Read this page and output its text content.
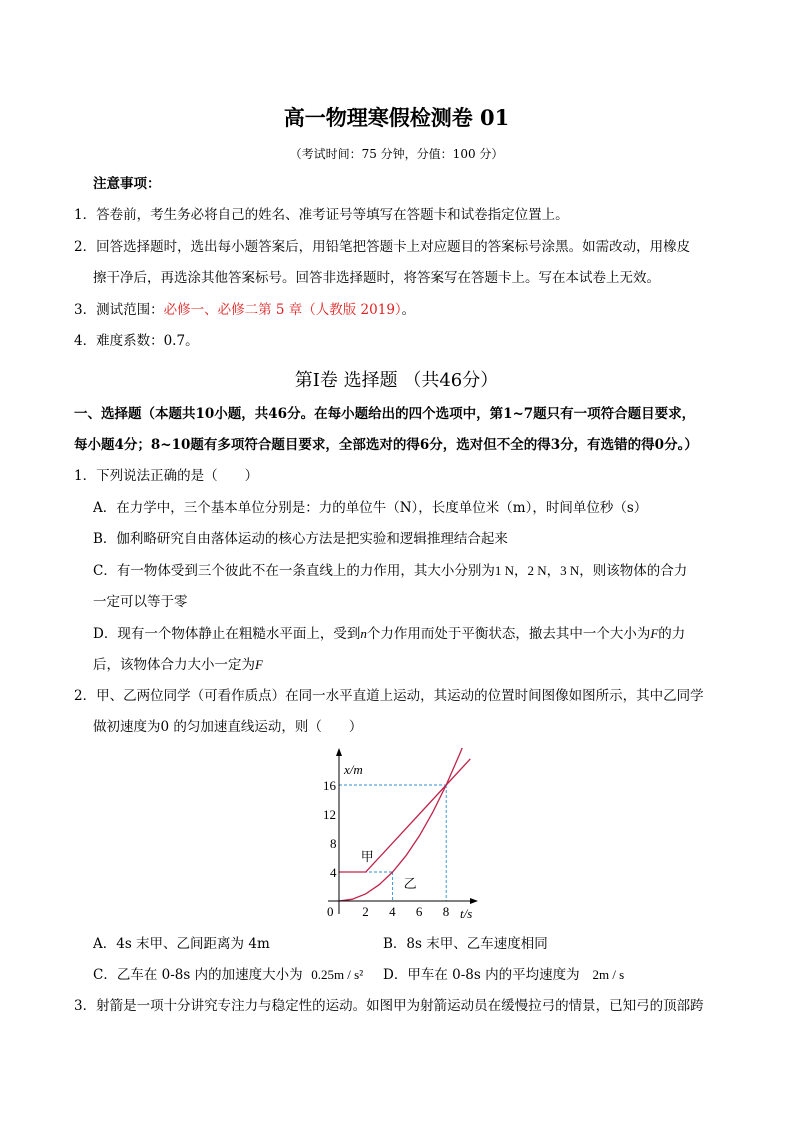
高一物理寒假检测卷 01
（考试时间：75 分钟，分值：100 分）
注意事项：
1．答卷前，考生务必将自己的姓名、准考证号等填写在答题卡和试卷指定位置上。
2．回答选择题时，选出每小题答案后，用铅笔把答题卡上对应题目的答案标号涂黑。如需改动，用橡皮
擦干净后，再选涂其他答案标号。回答非选择题时，将答案写在答题卡上。写在本试卷上无效。
3．测试范围：必修一、必修二第 5 章（人教版 2019）。
4．难度系数：0.7。
第Ⅰ卷 选择题 （共46分）
一、选择题（本题共10小题，共46分。在每小题给出的四个选项中，第1~7题只有一项符合题目要求，
每小题4分；8~10题有多项符合题目要求，全部选对的得6分，选对但不全的得3分，有选错的得0分。）
1．下列说法正确的是（　　）
A．在力学中，三个基本单位分别是：力的单位牛（N），长度单位米（m），时间单位秒（s）
B．伽利略研究自由落体运动的核心方法是把实验和逻辑推理结合起来
C．有一物体受到三个彼此不在一条直线上的力作用，其大小分别为1 N，2 N，3 N，则该物体的合力
一定可以等于零
D．现有一个物体静止在粗糙水平面上，受到n个力作用而处于平衡状态，撤去其中一个大小为F的力
后，该物体合力大小一定为F
2．甲、乙两位同学（可看作质点）在同一水平直道上运动，其运动的位置时间图像如图所示，其中乙同学
做初速度为0 的匀加速直线运动，则（　　）
0 2 4 6 8
4
8
12
16
x/m
t/s
甲
乙
A．4s 末甲、乙间距离为 4m	B．8s 末甲、乙车速度相同
C．乙车在 0-8s 内的加速度大小为 0.25m / s² D．甲车在 0-8s 内的平均速度为 2m / s
3．射箭是一项十分讲究专注力与稳定性的运动。如图甲为射箭运动员在缓慢拉弓的情景，已知弓的顶部跨
